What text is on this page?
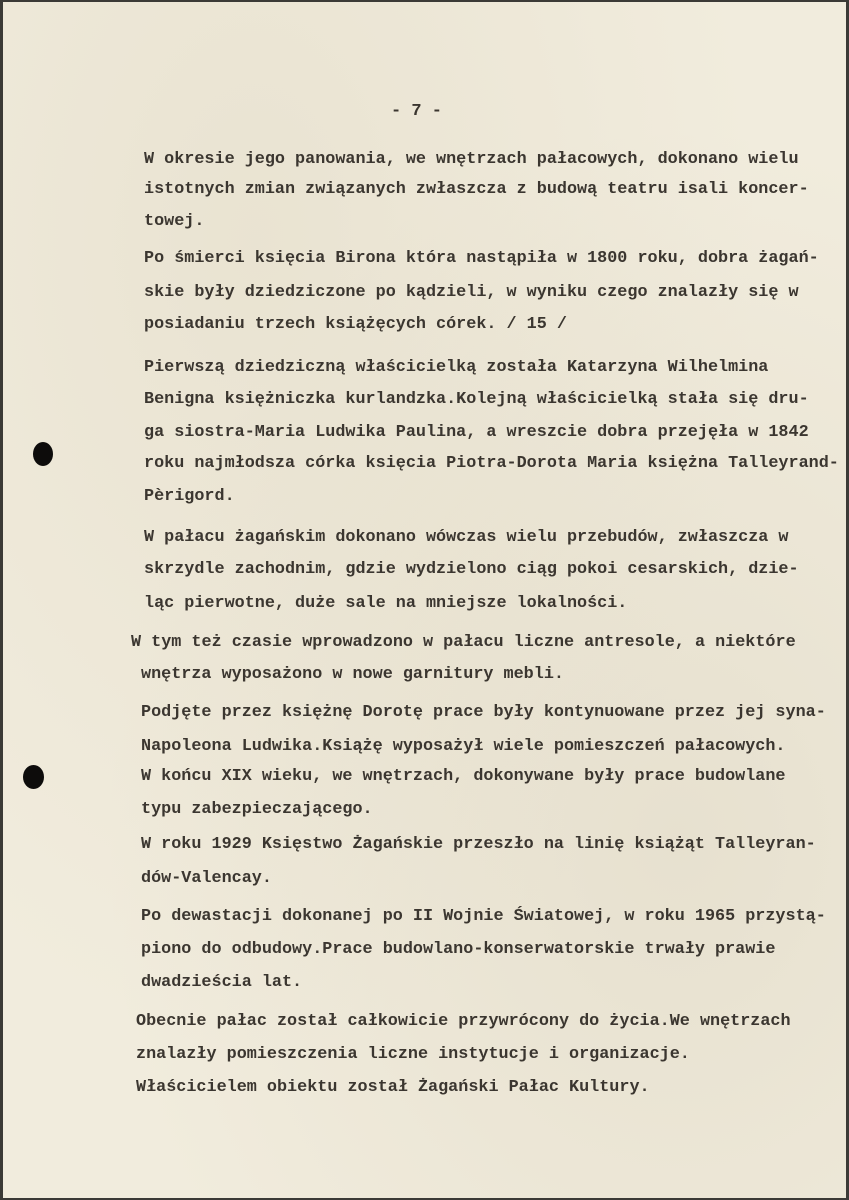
- 7 -
W okresie jego panowania, we wnętrzach pałacowych, dokonano wielu
istotnych zmian związanych zwłaszcza z budową teatru isali koncer-
towej.
Po śmierci księcia Birona która nastąpiła w 1800 roku, dobra żagań-
skie były dziedziczone po kądzieli, w wyniku czego znalazły się w
posiadaniu trzech książęcych córek. / 15 /
Pierwszą dziedziczną właścicielką została Katarzyna Wilhelmina
Benigna księżniczka kurlandzka.Kolejną właścicielką stała się dru-
ga siostra-Maria Ludwika Paulina, a wreszcie dobra przejęła w 1842
roku najmłodsza córka księcia Piotra-Dorota Maria księżna Talleyrand-
Pèrigord.
W pałacu żagańskim dokonano wówczas wielu przebudów, zwłaszcza w
skrzydle zachodnim, gdzie wydzielono ciąg pokoi cesarskich, dzie-
ląc pierwotne, duże sale na mniejsze lokalności.
W tym też czasie wprowadzono w pałacu liczne antresole, a niektóre
wnętrza wyposażono w nowe garnitury mebli.
Podjęte przez księżnę Dorotę prace były kontynuowane przez jej syna-
Napoleona Ludwika.Książę wyposażył wiele pomieszczeń pałacowych.
W końcu XIX wieku, we wnętrzach, dokonywane były prace budowlane
typu zabezpieczającego.
W roku 1929 Księstwo Żagańskie przeszło na linię książąt Talleyran-
dów-Valencay.
Po dewastacji dokonanej po II Wojnie Światowej, w roku 1965 przystą-
piono do odbudowy.Prace budowlano-konserwatorskie trwały prawie
dwadzieścia lat.
Obecnie pałac został całkowicie przywrócony do życia.We wnętrzach
znalazły pomieszczenia liczne instytucje i organizacje.
Właścicielem obiektu został Żagański Pałac Kultury.
